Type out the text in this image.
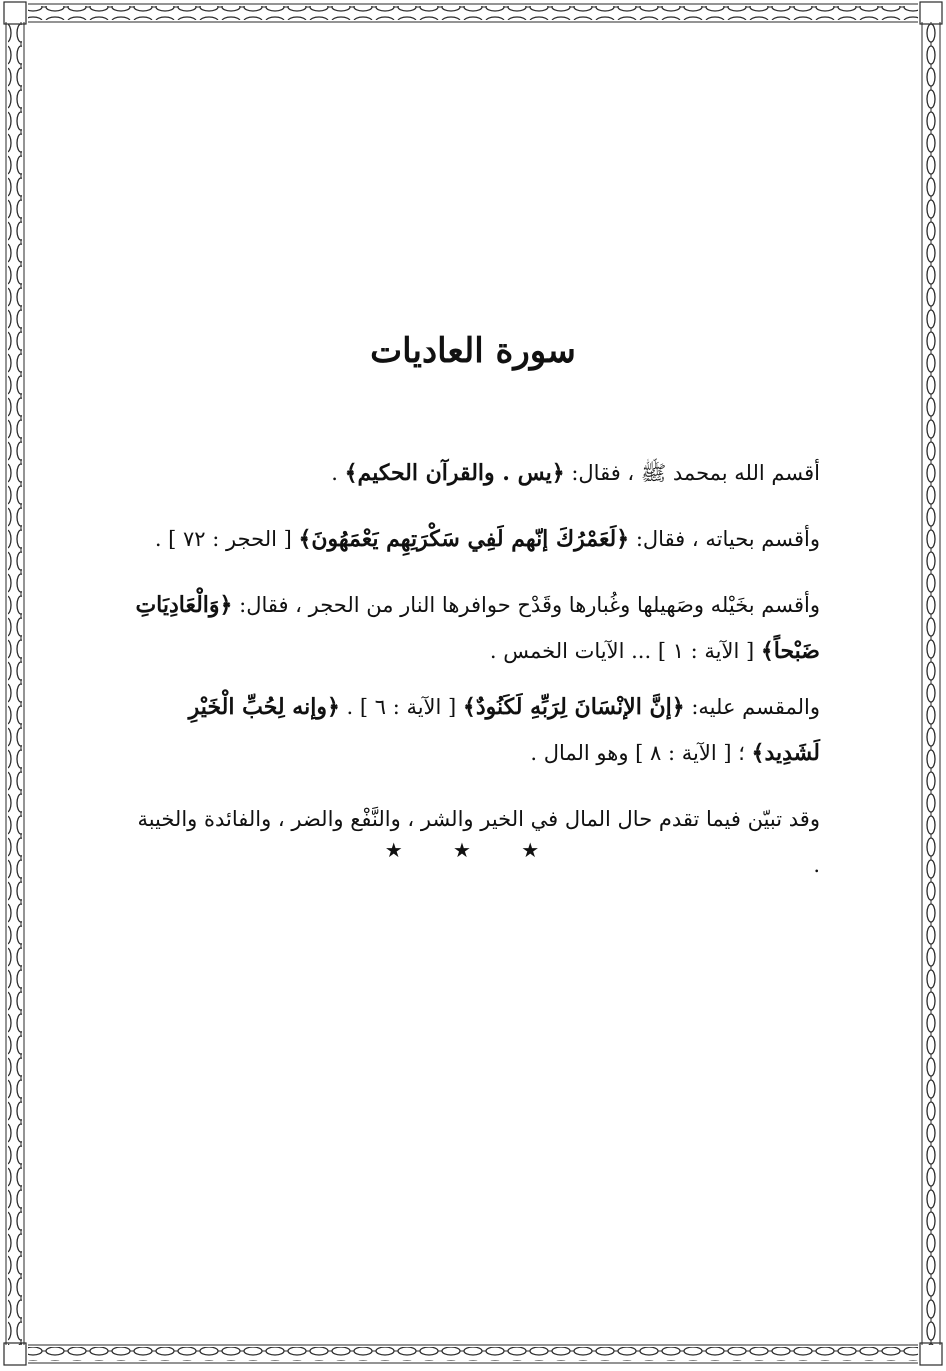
سورة العاديات

أقسم الله بمحمد ﷺ ، فقال: ﴿يس . والقرآن الحكيم﴾ .

وأقسم بحياته ، فقال: ﴿لَعَمْرُكَ إنّهم لَفِي سَكْرَتِهِم يَعْمَهُونَ﴾ [ الحجر : ٧٢ ] .

وأقسم بخَيْله وصَهيلها وغُبارها وقَدْح حوافرها النار من الحجر ، فقال: ﴿وَالْعَادِيَاتِ ضَبْحاً﴾ [ الآية : ١ ] ... الآيات الخمس .

والمقسم عليه: ﴿إنَّ الإنْسَانَ لِرَبِّهِ لَكَنُودٌ﴾ [ الآية : ٦ ] . ﴿وإنه لِحُبِّ الْخَيْرِ لَشَدِيد﴾ ؛ [ الآية : ٨ ] وهو المال .

وقد تبيّن فيما تقدم حال المال في الخير والشر ، والنَّفْع والضر ، والفائدة والخيبة .

★ ★ ★
